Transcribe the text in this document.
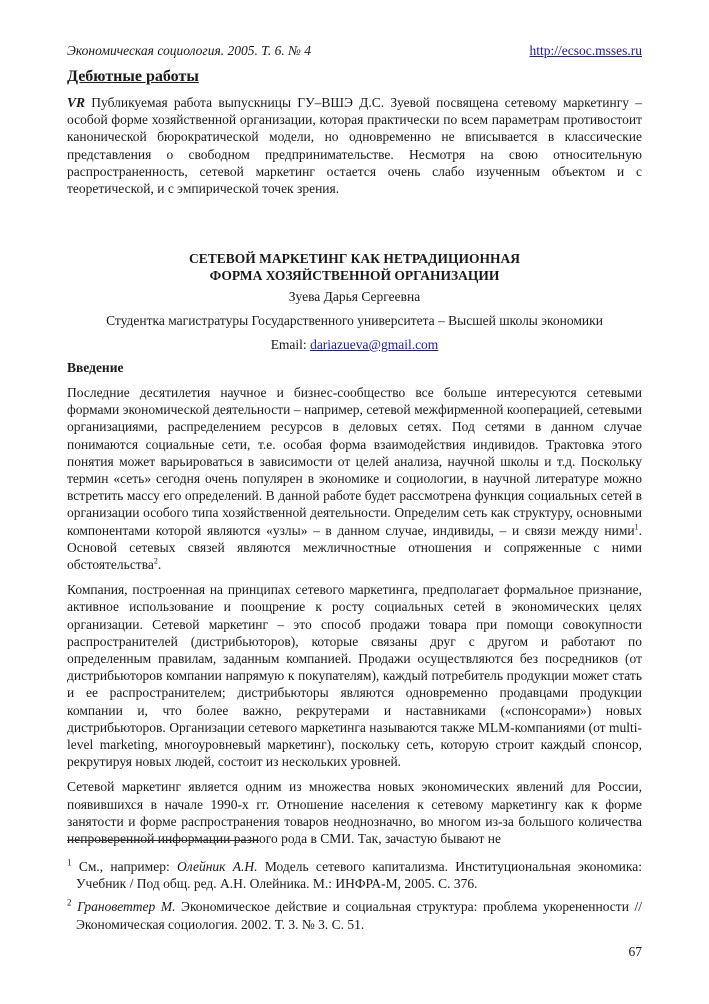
Экономическая социология. 2005. Т. 6. № 4	http://ecsoc.msses.ru
Дебютные работы
VR Публикуемая работа выпускницы ГУ–ВШЭ Д.С. Зуевой посвящена сетевому маркетингу – особой форме хозяйственной организации, которая практически по всем параметрам противостоит канонической бюрократической модели, но одновременно не вписывается в классические представления о свободном предпринимательстве. Несмотря на свою относительную распространенность, сетевой маркетинг остается очень слабо изученным объектом и с теоретической, и с эмпирической точек зрения.
СЕТЕВОЙ МАРКЕТИНГ КАК НЕТРАДИЦИОННАЯ
ФОРМА ХОЗЯЙСТВЕННОЙ ОРГАНИЗАЦИИ
Зуева Дарья Сергеевна
Студентка магистратуры Государственного университета – Высшей школы экономики
Email: dariazueva@gmail.com
Введение

Последние десятилетия научное и бизнес-сообщество все больше интересуются сетевыми формами экономической деятельности – например, сетевой межфирменной кооперацией, сетевыми организациями, распределением ресурсов в деловых сетях. Под сетями в данном случае понимаются социальные сети, т.е. особая форма взаимодействия индивидов. Трактовка этого понятия может варьироваться в зависимости от целей анализа, научной школы и т.д. Поскольку термин «сеть» сегодня очень популярен в экономике и социологии, в научной литературе можно встретить массу его определений. В данной работе будет рассмотрена функция социальных сетей в организации особого типа хозяйственной деятельности. Определим сеть как структуру, основными компонентами которой являются «узлы» – в данном случае, индивиды, – и связи между ними$^1$. Основой сетевых связей являются межличностные отношения и сопряженные с ними обстоятельства$^2$.

Компания, построенная на принципах сетевого маркетинга, предполагает формальное признание, активное использование и поощрение к росту социальных сетей в экономических целях организации. Сетевой маркетинг – это способ продажи товара при помощи совокупности распространителей (дистрибьюторов), которые связаны друг с другом и работают по определенным правилам, заданным компанией. Продажи осуществляются без посредников (от дистрибьюторов компании напрямую к покупателям), каждый потребитель продукции может стать и ее распространителем; дистрибьюторы являются одновременно продавцами продукции компании и, что более важно, рекрутерами и наставниками («спонсорами») новых дистрибьюторов. Организации сетевого маркетинга называются также MLM-компаниями (от multi-level marketing, многоуровневый маркетинг), поскольку сеть, которую строит каждый спонсор, рекрутируя новых людей, состоит из нескольких уровней.

Сетевой маркетинг является одним из множества новых экономических явлений для России, появившихся в начале 1990-х гг. Отношение населения к сетевому маркетингу как к форме занятости и форме распространения товаров неоднозначно, во многом из-за большого количества непроверенной информации разного рода в СМИ. Так, зачастую бывают не

$^1$ См., например: Олейник А.Н. Модель сетевого капитализма. Институциональная экономика: Учебник / Под общ. ред. А.Н. Олейника. М.: ИНФРА-М, 2005. С. 376.
$^2$ Грановеттер М. Экономическое действие и социальная структура: проблема укорененности // Экономическая социология. 2002. Т. 3. № 3. С. 51.
67
